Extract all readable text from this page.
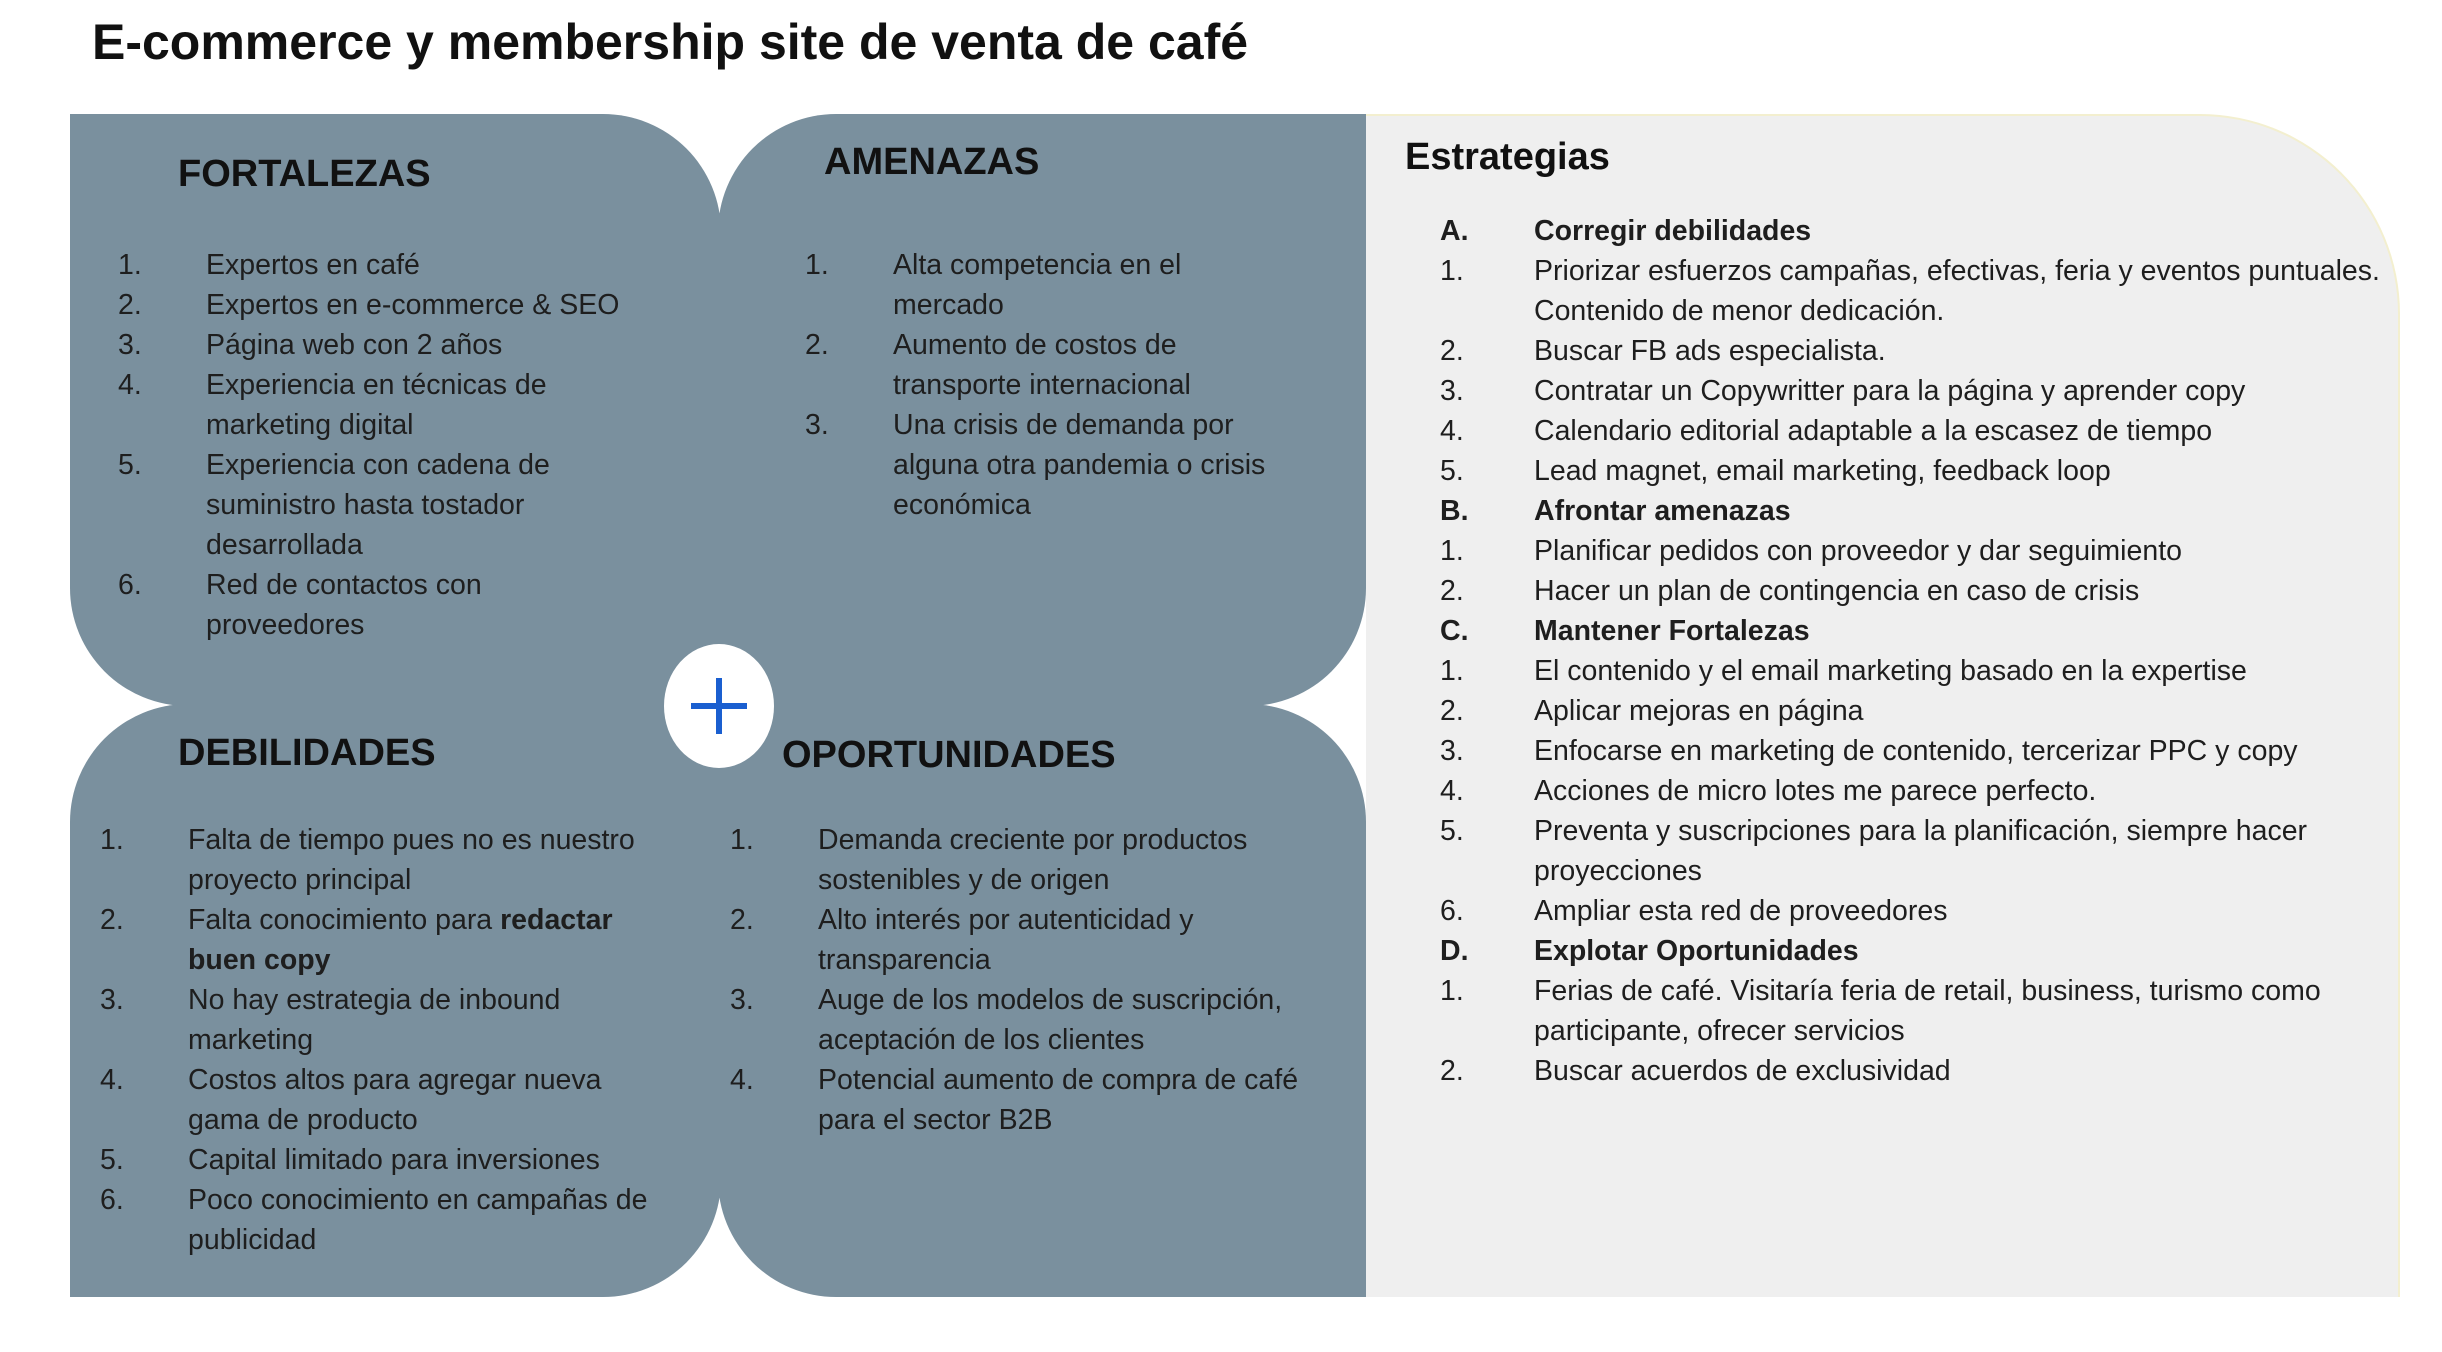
E-commerce y membership site de venta de café
FORTALEZAS
1.	Expertos en café
2.	Expertos en e-commerce & SEO
3.	Página web con 2 años
4.	Experiencia en técnicas de marketing digital
5.	Experiencia con cadena de suministro hasta tostador desarrollada
6.	Red de contactos con proveedores
AMENAZAS
1.	Alta competencia en el mercado
2.	Aumento de costos de transporte internacional
3.	Una crisis de demanda por alguna otra pandemia o crisis económica
DEBILIDADES
1.	Falta de tiempo pues no es nuestro proyecto principal
2.	Falta conocimiento para redactar buen copy
3.	No hay estrategia de inbound marketing
4.	Costos altos para agregar nueva gama de producto
5.	Capital limitado para inversiones
6.	Poco conocimiento en campañas de publicidad
OPORTUNIDADES
1.	Demanda creciente por productos sostenibles y de origen
2.	Alto interés por autenticidad y transparencia
3.	Auge de los modelos de suscripción, aceptación de los clientes
4.	Potencial aumento de compra de café para el sector B2B
Estrategias
A.	Corregir debilidades
1.	Priorizar esfuerzos campañas, efectivas, feria y eventos puntuales. Contenido de menor dedicación.
2.	Buscar FB ads especialista.
3.	Contratar un Copywritter para la página y aprender copy
4.	Calendario editorial adaptable a la escasez de tiempo
5.	Lead magnet, email marketing, feedback loop
B.	Afrontar amenazas
1.	Planificar pedidos con proveedor y dar seguimiento
2.	Hacer un plan de contingencia en caso de crisis
C.	Mantener Fortalezas
1.	El contenido y el email marketing basado en la expertise
2.	Aplicar mejoras en página
3.	Enfocarse en marketing de contenido, tercerizar PPC y copy
4.	Acciones de micro lotes me parece perfecto.
5.	Preventa y suscripciones para la planificación, siempre hacer proyecciones
6.	Ampliar esta red de proveedores
D.	Explotar Oportunidades
1.	Ferias de café. Visitaría feria de retail, business, turismo como participante, ofrecer servicios
2.	Buscar acuerdos de exclusividad
